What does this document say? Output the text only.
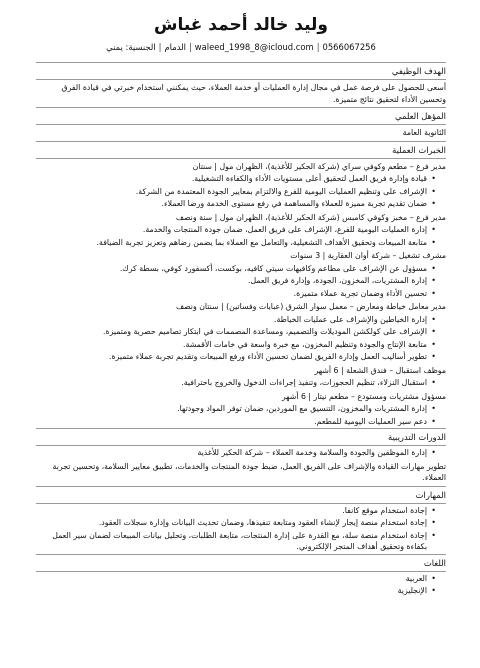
وليد خالد أحمد غباش
0566067256|waleed_1998_8@icloud.com|الدمام|الجنسية: يمني
الهدف الوظيفي
أسعى للحصول على فرصة عمل في مجال إدارة العمليات أو خدمة العملاء، حيث يمكنني استخدام خبرتي في قيادة الفرق وتحسين الأداء لتحقيق نتائج متميزة.
المؤهل العلمي
الثانوية العامة
الخبرات العملية
مدير فرع – مطعم وكوفي سراي (شركة الحكير للأغذية)، الظهران مول | سنتان
• قيادة وإدارة فريق العمل لتحقيق أعلى مستويات الأداء والكفاءة التشغيلية.
• الإشراف على وتنظيم العمليات اليومية للفرع والالتزام بمعايير الجودة المعتمدة من الشركة.
• ضمان تقديم تجربة مميزة للعملاء والمساهمة في رفع مستوى الخدمة ورضا العملاء.
مدير فرع – مخبز وكوفي كامبس (شركة الحكير للأغذية)، الظهران مول | سنة ونصف
• إدارة العمليات اليومية للفرع، الإشراف على فريق العمل، ضمان جودة المنتجات والخدمة.
• متابعة المبيعات وتحقيق الأهداف التشغيلية، والتعامل مع العملاء بما يضمن رضاهم وتعزيز تجربة الضيافة.
مشرف تشغيل – شركة أوان العقارية | 3 سنوات
• مسؤول عن الإشراف على مطاعم وكافيهات سيتي كافيه، بوكست، أكسفورد كوفي، بسطة كرك.
• إدارة المشتريات، المخزون، الجودة، وإدارة فريق العمل.
• تحسين الأداء وضمان تجربة عملاء متميزة.
مدير معامل خياطة ومعارض – معمل سوار الشرق (عبايات وفساتين) | سنتان ونصف
• إدارة الخياطين والإشراف على عمليات الخياطة.
• الإشراف على كولكشن الموديلات والتصميم، ومساعدة المصممات في ابتكار تصاميم حصرية ومتميزة.
• متابعة الإنتاج والجودة وتنظيم المخزون، مع خبرة واسعة في خامات الأقمشة.
• تطوير أساليب العمل وإدارة الفريق لضمان تحسين الأداء ورفع المبيعات وتقديم تجربة عملاء متميزة.
موظف استقبال – فندق الشعلة | 6 أشهر
• استقبال النزلاء، تنظيم الحجوزات، وتنفيذ إجراءات الدخول والخروج باحترافية.
مسؤول مشتريات ومستودع – مطعم نيتار | 6 أشهر
• إدارة المشتريات والمخزون، التنسيق مع الموردين، ضمان توفر المواد وجودتها.
• دعم سير العمليات اليومية للمطعم.
الدورات التدريبية
• إدارة الموظفين والجودة والسلامة وخدمة العملاء – شركة الحكير للأغذية
تطوير مهارات القيادة والإشراف على الفريق العمل، ضبط جودة المنتجات والخدمات، تطبيق معايير السلامة، وتحسين تجربة العملاء.
المهارات
• إجادة استخدام موقع كانفا.
• إجادة استخدام منصة إيجار لإنشاء العقود ومتابعة تنفيذها، وضمان تحديث البيانات وإدارة سجلات العقود.
• إجادة استخدام منصة سلة، مع القدرة على إدارة المنتجات، متابعة الطلبات، وتحليل بيانات المبيعات لضمان سير العمل بكفاءة وتحقيق أهداف المتجر الإلكتروني.
اللغات
• العربية
• الإنجليزية
